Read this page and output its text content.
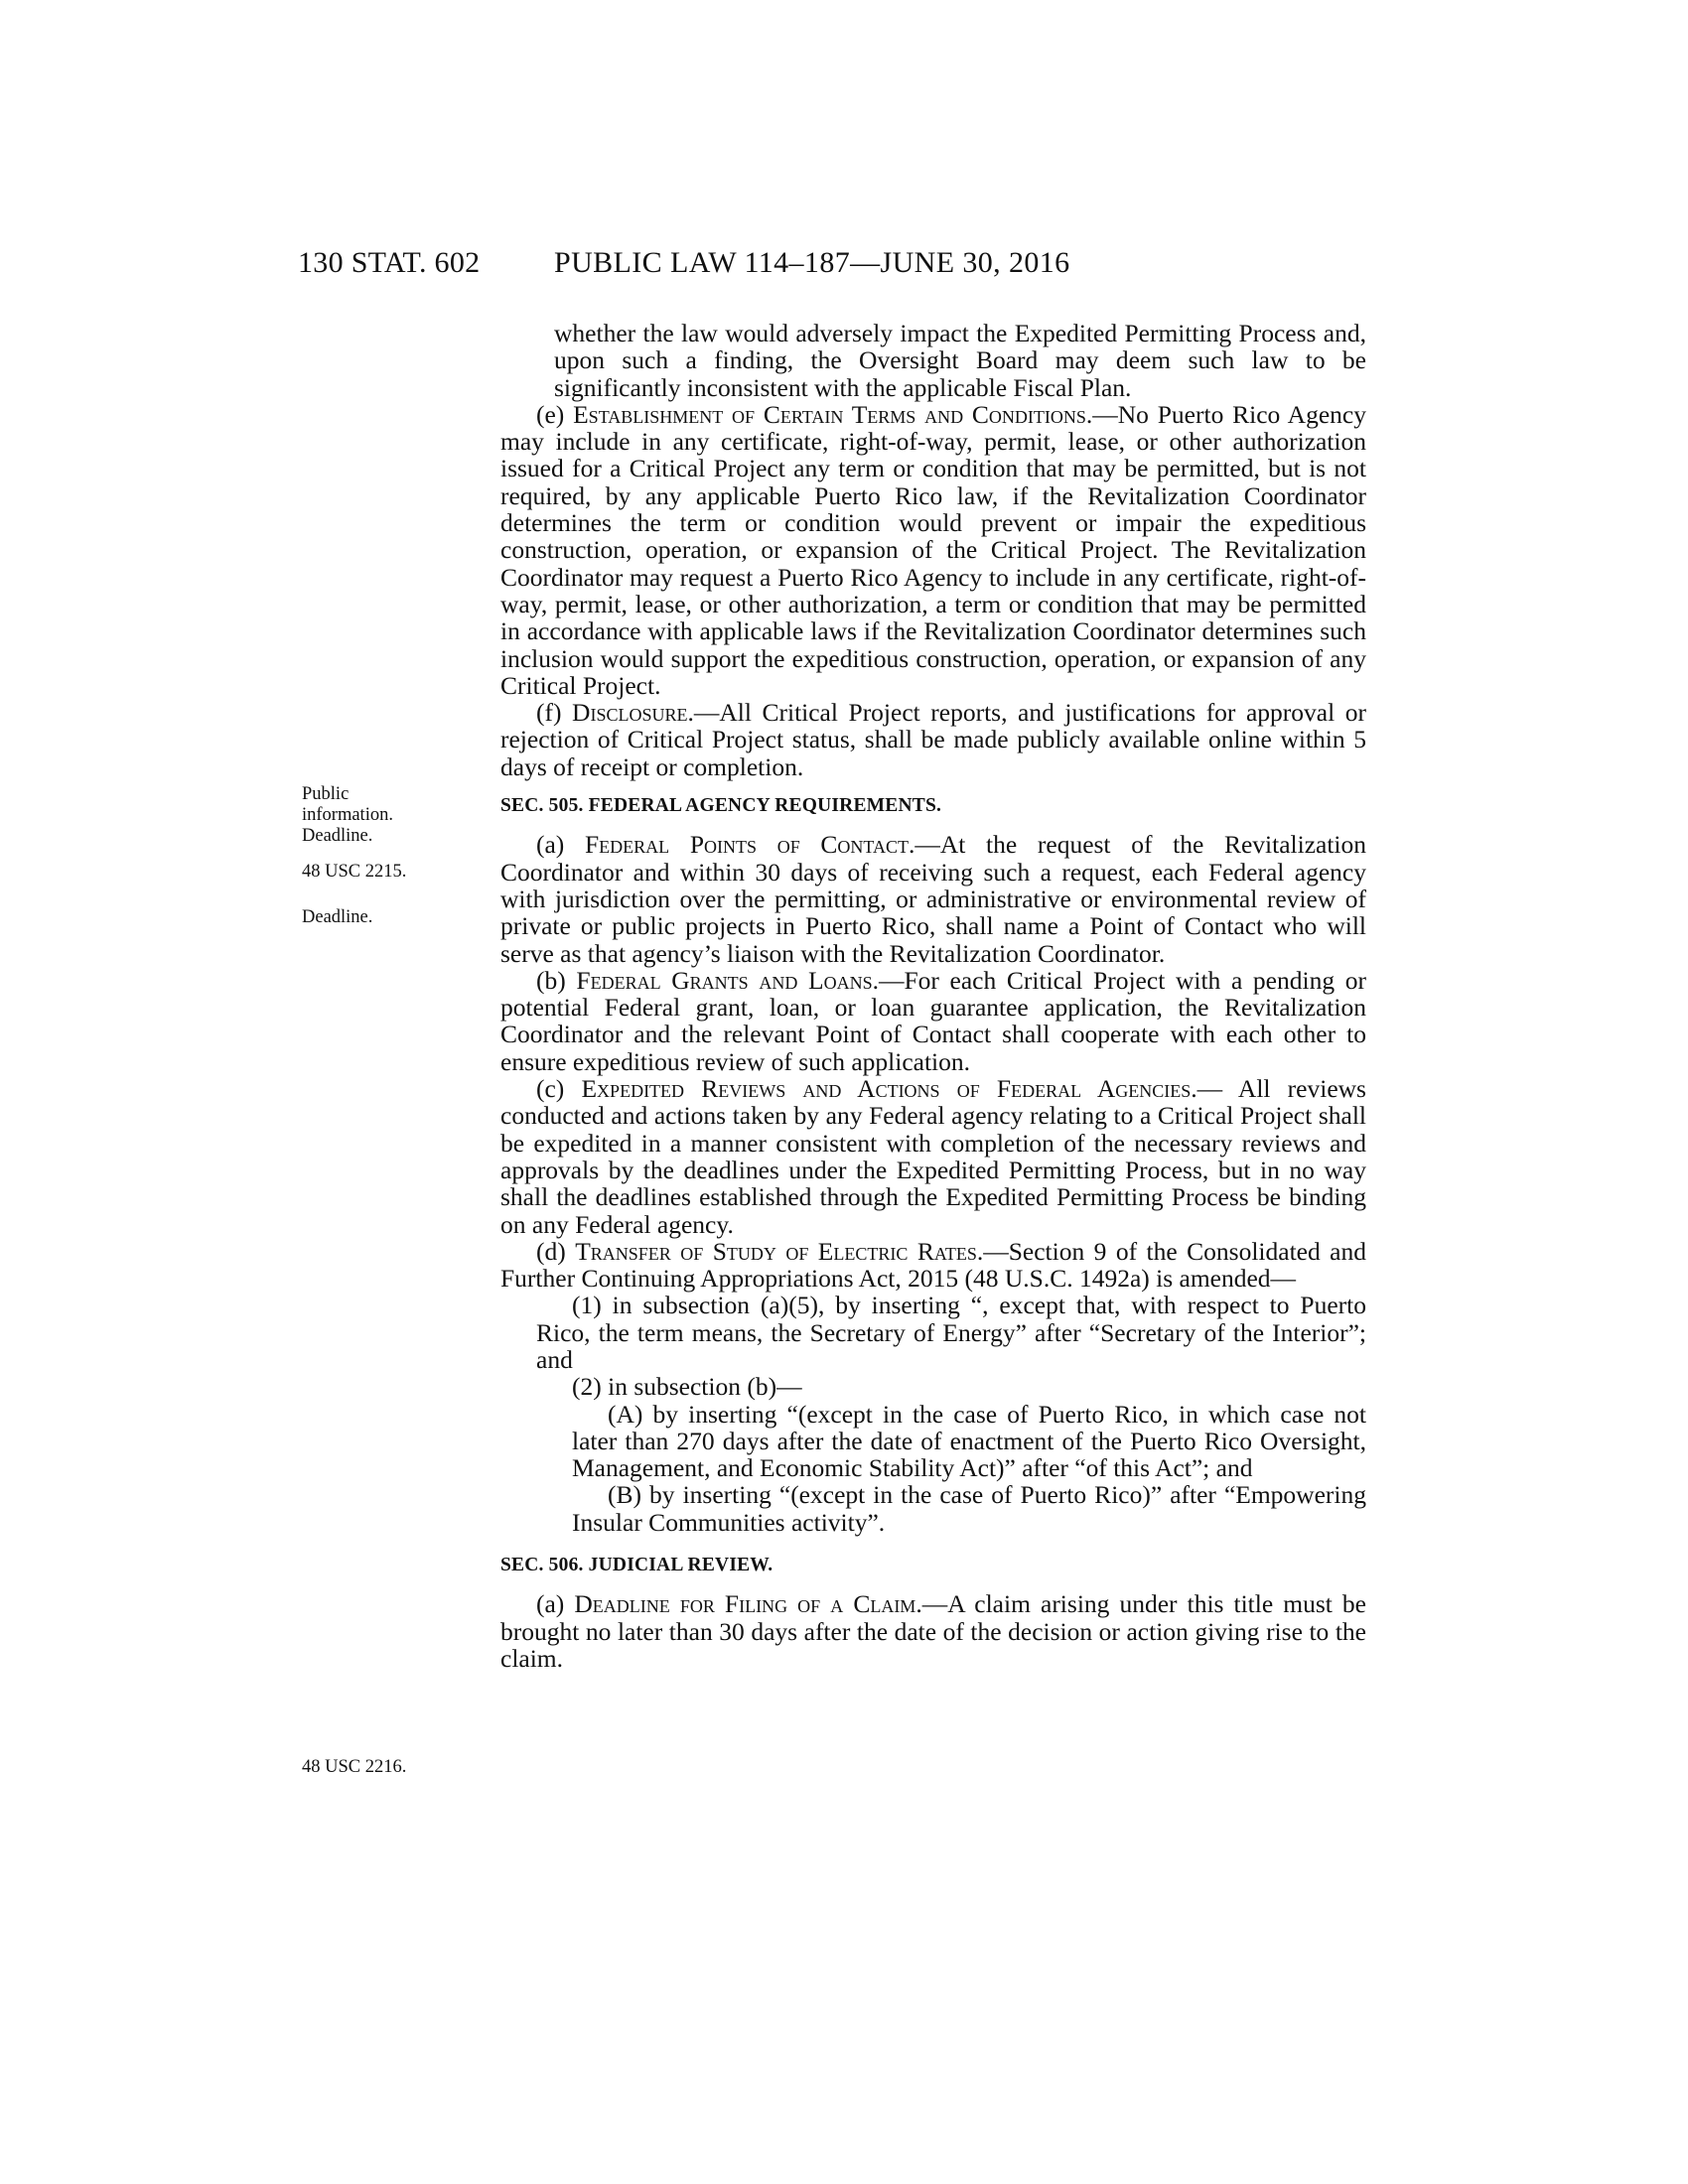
130 STAT. 602 PUBLIC LAW 114–187—JUNE 30, 2016
Public information.
Deadline.
48 USC 2215.
Deadline.
48 USC 2216.

whether the law would adversely impact the Expedited Permitting Process and, upon such a finding, the Oversight Board may deem such law to be significantly inconsistent with the applicable Fiscal Plan.

(e) Establishment of Certain Terms and Conditions.—No Puerto Rico Agency may include in any certificate, right-of-way, permit, lease, or other authorization issued for a Critical Project any term or condition that may be permitted, but is not required, by any applicable Puerto Rico law, if the Revitalization Coordinator determines the term or condition would prevent or impair the expeditious construction, operation, or expansion of the Critical Project. The Revitalization Coordinator may request a Puerto Rico Agency to include in any certificate, right-of-way, permit, lease, or other authorization, a term or condition that may be permitted in accordance with applicable laws if the Revitalization Coordinator determines such inclusion would support the expeditious construction, operation, or expansion of any Critical Project.

(f) Disclosure.—All Critical Project reports, and justifications for approval or rejection of Critical Project status, shall be made publicly available online within 5 days of receipt or completion.

SEC. 505. FEDERAL AGENCY REQUIREMENTS.

(a) Federal Points of Contact.—At the request of the Revitalization Coordinator and within 30 days of receiving such a request, each Federal agency with jurisdiction over the permitting, or administrative or environmental review of private or public projects in Puerto Rico, shall name a Point of Contact who will serve as that agency’s liaison with the Revitalization Coordinator.

(b) Federal Grants and Loans.—For each Critical Project with a pending or potential Federal grant, loan, or loan guarantee application, the Revitalization Coordinator and the relevant Point of Contact shall cooperate with each other to ensure expeditious review of such application.

(c) Expedited Reviews and Actions of Federal Agencies.— All reviews conducted and actions taken by any Federal agency relating to a Critical Project shall be expedited in a manner consistent with completion of the necessary reviews and approvals by the deadlines under the Expedited Permitting Process, but in no way shall the deadlines established through the Expedited Permitting Process be binding on any Federal agency.

(d) Transfer of Study of Electric Rates.—Section 9 of the Consolidated and Further Continuing Appropriations Act, 2015 (48 U.S.C. 1492a) is amended—

(1) in subsection (a)(5), by inserting “, except that, with respect to Puerto Rico, the term means, the Secretary of Energy” after “Secretary of the Interior”; and

(2) in subsection (b)—

(A) by inserting “(except in the case of Puerto Rico, in which case not later than 270 days after the date of enactment of the Puerto Rico Oversight, Management, and Economic Stability Act)” after “of this Act”; and

(B) by inserting “(except in the case of Puerto Rico)” after “Empowering Insular Communities activity”.

SEC. 506. JUDICIAL REVIEW.

(a) Deadline for Filing of a Claim.—A claim arising under this title must be brought no later than 30 days after the date of the decision or action giving rise to the claim.
